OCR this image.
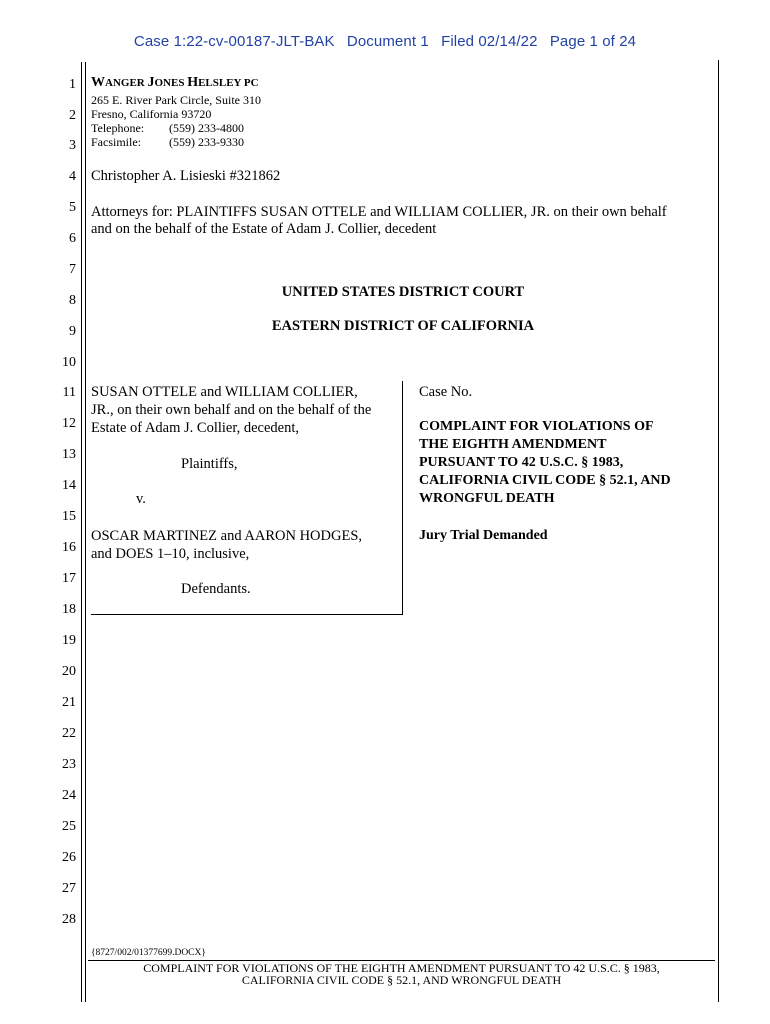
Case 1:22-cv-00187-JLT-BAK Document 1 Filed 02/14/22 Page 1 of 24
1
2
3
4
5
6
7
8
9
10
11
12
13
14
15
16
17
18
19
20
21
22
23
24
25
26
27
28
WANGER JONES HELSLEY PC
265 E. River Park Circle, Suite 310
Fresno, California 93720
Telephone: (559) 233-4800
Facsimile: (559) 233-9330
Christopher A. Lisieski #321862
Attorneys for: PLAINTIFFS SUSAN OTTELE and WILLIAM COLLIER, JR. on their own behalf
and on the behalf of the Estate of Adam J. Collier, decedent
UNITED STATES DISTRICT COURT
EASTERN DISTRICT OF CALIFORNIA
SUSAN OTTELE and WILLIAM COLLIER,
JR., on their own behalf and on the behalf of the
Estate of Adam J. Collier, decedent,
Plaintiffs,
v.
OSCAR MARTINEZ and AARON HODGES,
and DOES 1–10, inclusive,
Defendants.
Case No.
COMPLAINT FOR VIOLATIONS OF
THE EIGHTH AMENDMENT
PURSUANT TO 42 U.S.C. § 1983,
CALIFORNIA CIVIL CODE § 52.1, AND
WRONGFUL DEATH
Jury Trial Demanded
{8727/002/01377699.DOCX}
COMPLAINT FOR VIOLATIONS OF THE EIGHTH AMENDMENT PURSUANT TO 42 U.S.C. § 1983,
CALIFORNIA CIVIL CODE § 52.1, AND WRONGFUL DEATH
